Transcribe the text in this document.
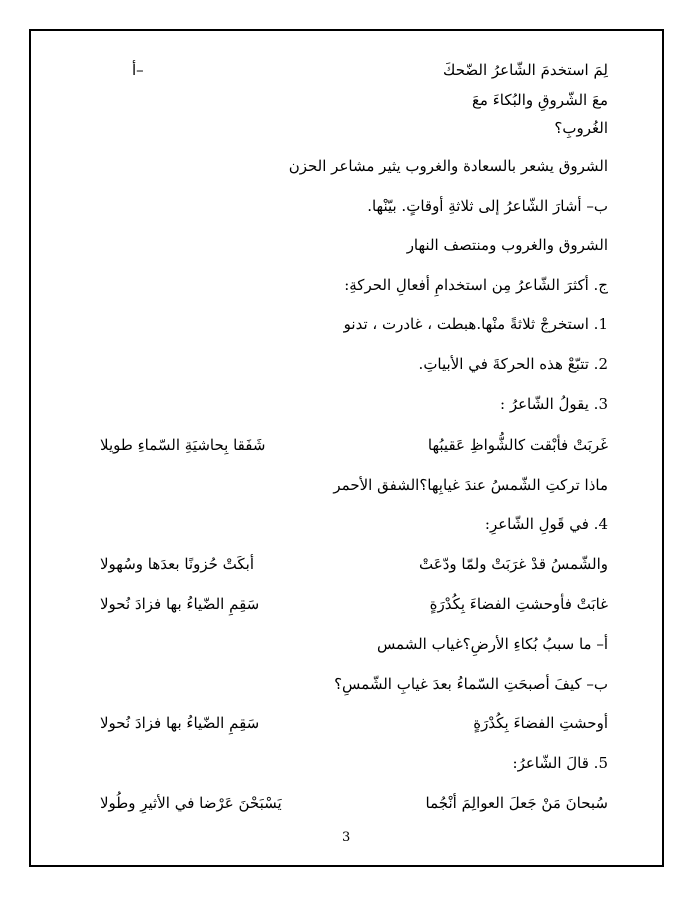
أ–	لِمَ استخدمَ الشّاعرُ الضّحكَ
معَ الشّروقِ والبُكاءَ معَ
الغُروبِ؟
الشروق يشعر بالسعادة والغروب يثير مشاعر الحزن
ب– أشارَ الشّاعرُ إلى ثلاثةِ أوقاتٍ. بيّنْها.
الشروق والغروب ومنتصف النهار
ج. أكثرَ الشّاعرُ مِن استخدامِ أفعالِ الحركةِ:
1. استخرجْ ثلاثةً منْها.هبطت ، غادرت ، تدنو
2. تتبّعْ هذه الحركةَ في الأبياتِ.
3. يقولُ الشّاعرُ :
غَربَتْ فأبْقت كالشُّواظِ عَقيبُها
شَفَقا بِحاشيَةِ السّماءِ طويلا
ماذا تركتِ الشّمسُ عندَ غيابِها؟الشفق الأحمر
4. في قَولِ الشّاعرِ:
والشّمسُ قدْ غرَبَتْ ولمّا ودّعَتْ
أبكَتْ حُزونًا بعدَها وسُهولا
غابَتْ فأوحشتِ الفضاءَ بِكُدْرَةٍ
سَقِمِ الضّياءُ بها فزادَ نُحولا
أ– ما سببُ بُكاءِ الأرضِ؟غياب الشمس
ب– كيفَ أصبحَتِ السّماءُ بعدَ غيابِ الشّمسِ؟
أوحشتِ الفضاءَ بِكُدْرَةٍ
سَقِمِ الضّياءُ بها فزادَ نُحولا
5. قالَ الشّاعرُ:
سُبحانَ مَنْ جَعلَ العوالِمَ أنْجُما
يَسْبَحْنَ عَرْضا في الأثيرِ وطُولا
3
